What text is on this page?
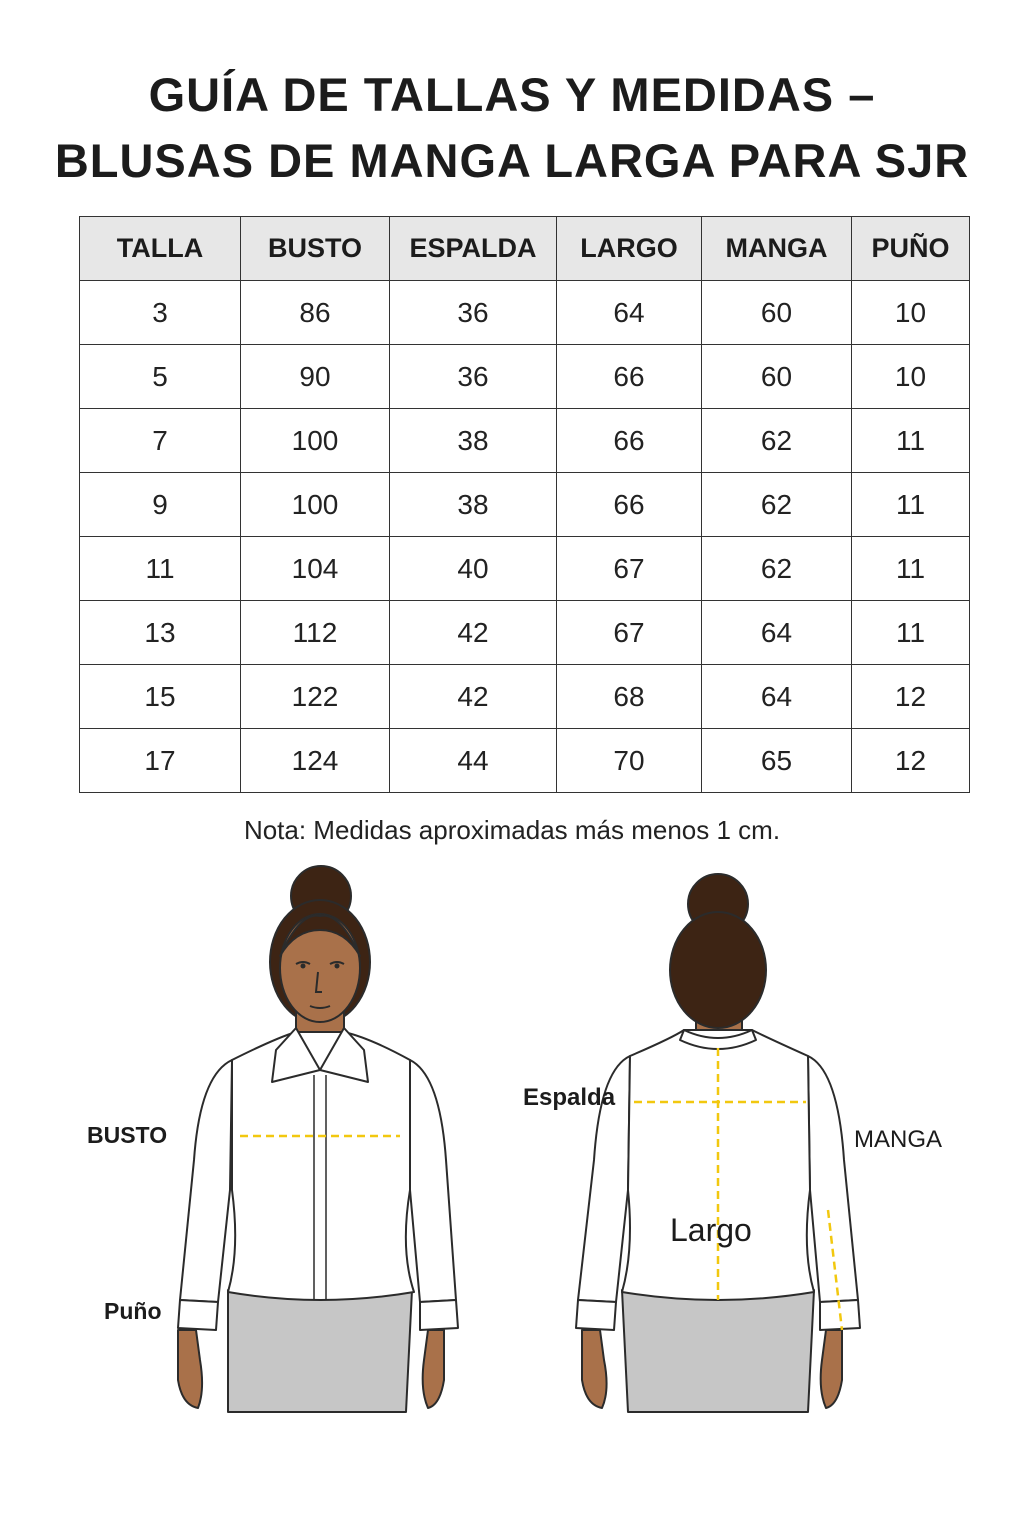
GUÍA DE TALLAS Y MEDIDAS –
BLUSAS DE MANGA LARGA PARA SJR
TALLA	BUSTO	ESPALDA	LARGO	MANGA	PUÑO
3	86	36	64	60	10
5	90	36	66	60	10
7	100	38	66	62	11
9	100	38	66	62	11
11	104	40	67	62	11
13	112	42	67	64	11
15	122	42	68	64	12
17	124	44	70	65	12
Nota: Medidas aproximadas más menos 1 cm.
BUSTO
Puño
Espalda
MANGA
Largo
